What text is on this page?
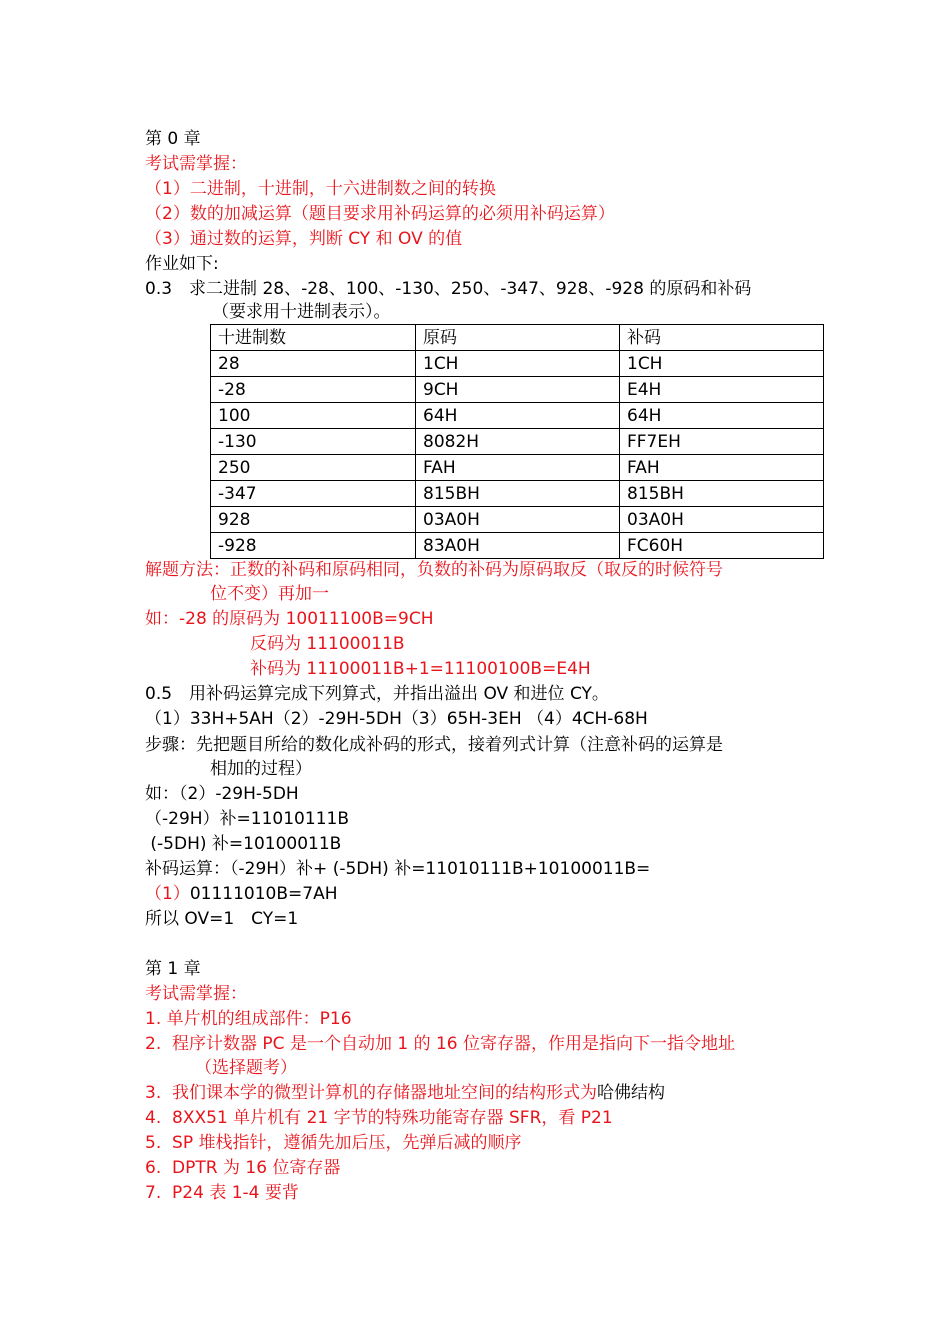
第 0 章
考试需掌握：
（1）二进制，十进制，十六进制数之间的转换
（2）数的加减运算（题目要求用补码运算的必须用补码运算）
（3）通过数的运算，判断 CY 和 OV 的值
作业如下:
0.3　求二进制 28、-28、100、-130、250、-347、928、-928 的原码和补码
（要求用十进制表示）。
十进制数	原码	补码
28	1CH	1CH
-28	9CH	E4H
100	64H	64H
-130	8082H	FF7EH
250	FAH	FAH
-347	815BH	815BH
928	03A0H	03A0H
-928	83A0H	FC60H
解题方法：正数的补码和原码相同，负数的补码为原码取反（取反的时候符号
位不变）再加一
如：-28 的原码为 10011100B=9CH
反码为 11100011B
补码为 11100011B+1=11100100B=E4H
0.5　用补码运算完成下列算式，并指出溢出 OV 和进位 CY。
（1）33H+5AH（2）-29H-5DH（3）65H-3EH （4）4CH-68H
步骤：先把题目所给的数化成补码的形式，接着列式计算（注意补码的运算是
相加的过程）
如：（2）-29H-5DH
（-29H）补=11010111B
(-5DH) 补=10100011B
补码运算：（-29H）补+ (-5DH) 补=11010111B+10100011B=
（1）01111010B=7AH
所以 OV=1　CY=1
第 1 章
考试需掌握：
1. 单片机的组成部件：P16
2.  程序计数器 PC 是一个自动加 1 的 16 位寄存器，作用是指向下一指令地址
（选择题考）
3.  我们课本学的微型计算机的存储器地址空间的结构形式为哈佛结构
4.  8XX51 单片机有 21 字节的特殊功能寄存器 SFR，看 P21
5.  SP 堆栈指针，遵循先加后压，先弹后减的顺序
6.  DPTR 为 16 位寄存器
7.  P24 表 1-4 要背
